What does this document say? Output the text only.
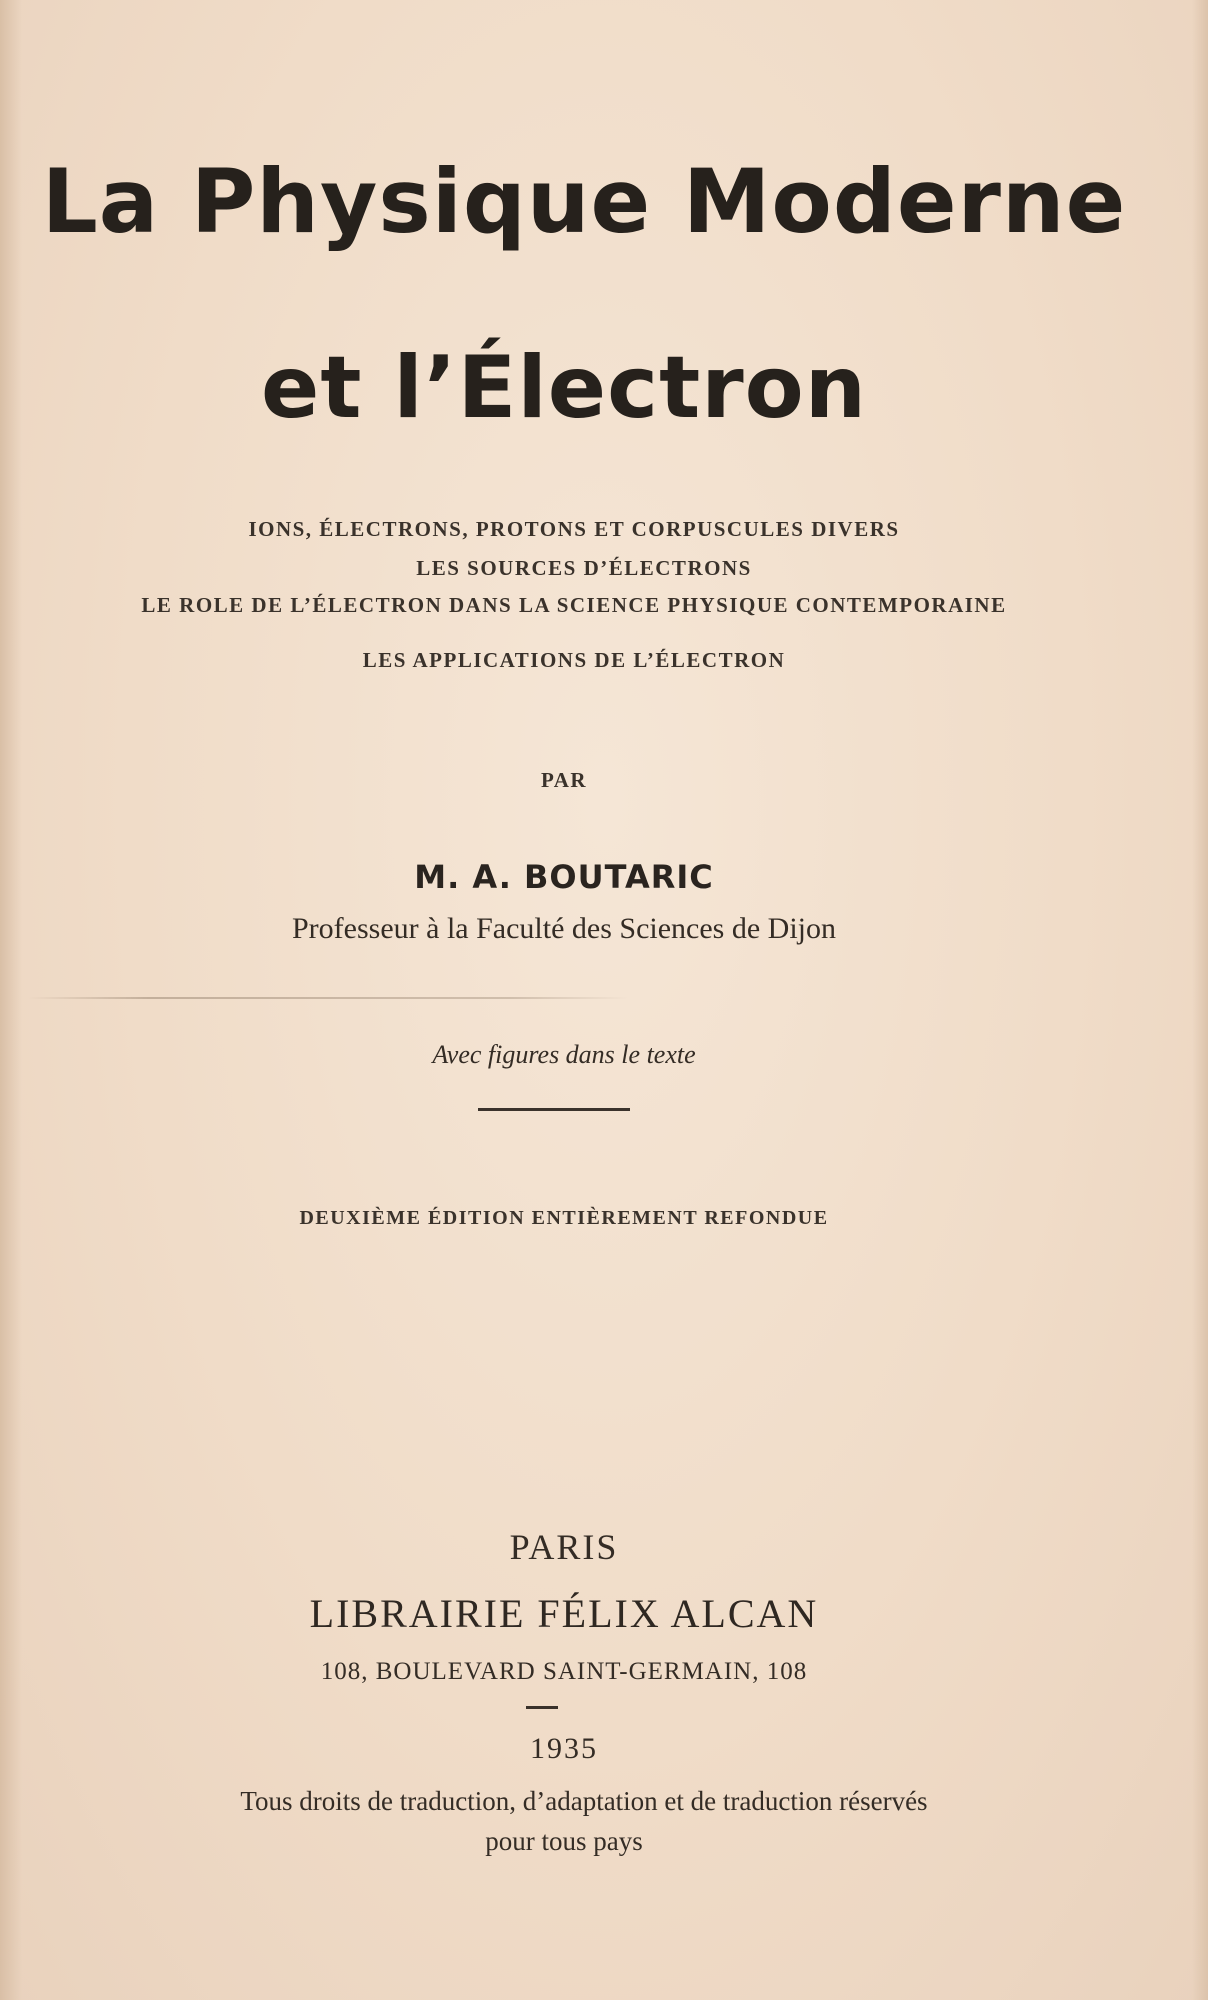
La Physique Moderne
et l’Électron
IONS, ÉLECTRONS, PROTONS ET CORPUSCULES DIVERS
LES SOURCES D’ÉLECTRONS
LE ROLE DE L’ÉLECTRON DANS LA SCIENCE PHYSIQUE CONTEMPORAINE
LES APPLICATIONS DE L’ÉLECTRON
PAR
M. A. BOUTARIC
Professeur à la Faculté des Sciences de Dijon
Avec figures dans le texte
DEUXIÈME ÉDITION ENTIÈREMENT REFONDUE
PARIS
LIBRAIRIE FÉLIX ALCAN
108, BOULEVARD SAINT-GERMAIN, 108
1935
Tous droits de traduction, d’adaptation et de traduction réservés
pour tous pays
